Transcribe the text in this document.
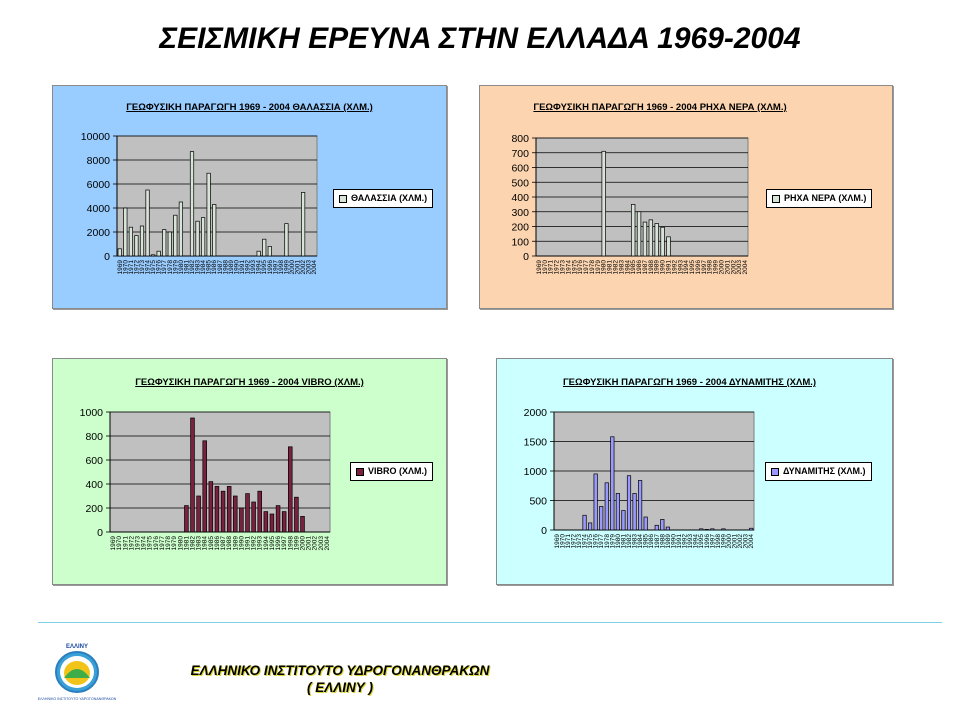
ΣΕΙΣΜΙΚΗ ΕΡΕΥΝΑ ΣΤΗΝ ΕΛΛΑΔΑ 1969-2004
ΓΕΩΦΥΣΙΚΗ ΠΑΡΑΓΩΓΗ 1969 - 2004 ΘΑΛΑΣΣΙΑ (ΧΛΜ.)
0
2000
4000
6000
8000
10000
1969
1970
1971
1972
1973
1974
1975
1976
1977
1978
1979
1980
1981
1982
1983
1984
1985
1986
1987
1988
1989
1990
1991
1992
1993
1994
1995
1996
1997
1998
1999
2000
2001
2002
2003
2004
ΘΑΛΑΣΣΙΑ (ΧΛΜ.)
ΓΕΩΦΥΣΙΚΗ ΠΑΡΑΓΩΓΗ 1969 - 2004 ΡΗΧΑ ΝΕΡΑ (ΧΛΜ.)
0
100
200
300
400
500
600
700
800
1969
1970
1971
1972
1973
1974
1975
1976
1977
1978
1979
1980
1981
1982
1983
1984
1985
1986
1987
1988
1989
1990
1991
1992
1993
1994
1995
1996
1997
1998
1999
2000
2001
2002
2003
2004
ΡΗΧΑ ΝΕΡΑ (ΧΛΜ.)
ΓΕΩΦΥΣΙΚΗ ΠΑΡΑΓΩΓΗ 1969 - 2004 VIBRO (ΧΛΜ.)
0
200
400
600
800
1000
1969 1970 1971 1972 1973 1974 1975 1976 1977 1978 1979 1980 1981 1982 1983 1984 1985 1986 1987 1988 1989 1990 1991 1992 1993 1994 1995 1996 1997 1998 1999 2000 2001 2002 2003 2004
VIBRO (ΧΛΜ.)
ΓΕΩΦΥΣΙΚΗ ΠΑΡΑΓΩΓΗ 1969 - 2004 ΔΥΝΑΜΙΤΗΣ (ΧΛΜ.)
0
500
1000
1500
2000
1969
1970
1971
1972
1973
1974
1975
1976
1977
1978
1979
1980
1981
1982
1983
1984
1985
1986
1987
1988
1989
1990
1991
1992
1993
1994
1995
1996
1997
1998
1999
2000
2001
2002
2003
2004
ΔΥΝΑΜΙΤΗΣ (ΧΛΜ.)
ΕΛΛΙΝΥ
ΕΛΛΗΝΙΚΟ ΙΝΣΤΙΤΟΥΤΟ ΥΔΡΟΓΟΝΑΝΘΡΑΚΩΝ
ΕΛΛΗΝΙΚΟ ΙΝΣΤΙΤΟΥΤΟ ΥΔΡΟΓΟΝΑΝΘΡΑΚΩΝ
( ΕΛΛΙΝΥ )
